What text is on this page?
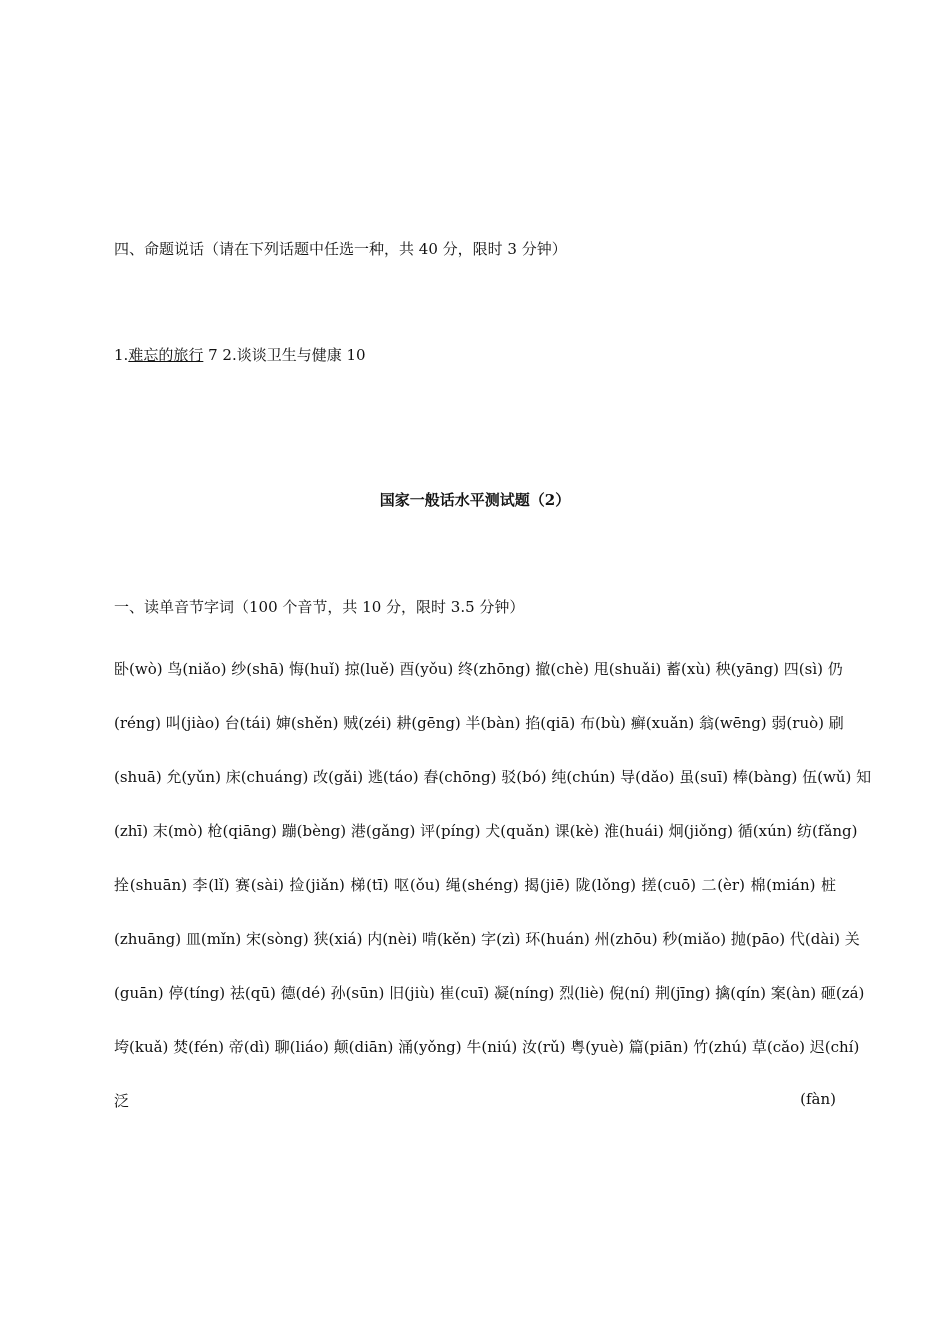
四、命题说话（请在下列话题中任选一种，共 40 分，限时 3 分钟）
1.难忘的旅行 7 2.谈谈卫生与健康 10
国家一般话水平测试题（2）
一、读单音节字词（100 个音节，共 10 分，限时 3.5 分钟）
卧(wò) 鸟(niǎo) 纱(shā) 悔(huǐ) 掠(luě) 酉(yǒu) 终(zhōng) 撤(chè) 甩(shuǎi) 蓄(xù) 秧(yāng) 四(sì) 仍
(réng) 叫(jiào) 台(tái) 婶(shěn) 贼(zéi) 耕(gēng) 半(bàn) 掐(qiā) 布(bù) 癣(xuǎn) 翁(wēng) 弱(ruò) 刷
(shuā) 允(yǔn) 床(chuáng) 改(gǎi) 逃(táo) 舂(chōng) 驳(bó) 纯(chún) 导(dǎo) 虽(suī) 棒(bàng) 伍(wǔ) 知
(zhī) 末(mò) 枪(qiāng) 蹦(bèng) 港(gǎng) 评(píng) 犬(quǎn) 课(kè) 淮(huái) 炯(jiǒng) 循(xún) 纺(fǎng)
拴(shuān) 李(lǐ) 赛(sài) 捡(jiǎn) 梯(tī) 呕(ǒu) 绳(shéng) 揭(jiē) 陇(lǒng) 搓(cuō) 二(èr) 棉(mián) 桩
(zhuāng) 皿(mǐn) 宋(sòng) 狭(xiá) 内(nèi) 啃(kěn) 字(zì) 环(huán) 州(zhōu) 秒(miǎo) 抛(pāo) 代(dài) 关
(guān) 停(tíng) 祛(qū) 德(dé) 孙(sūn) 旧(jiù) 崔(cuī) 凝(níng) 烈(liè) 倪(ní) 荆(jīng) 擒(qín) 案(àn) 砸(zá)
垮(kuǎ) 焚(fén) 帝(dì) 聊(liáo) 颠(diān) 涌(yǒng) 牛(niú) 汝(rǔ) 粤(yuè) 篇(piān) 竹(zhú) 草(cǎo) 迟(chí)
泛	(fàn)
